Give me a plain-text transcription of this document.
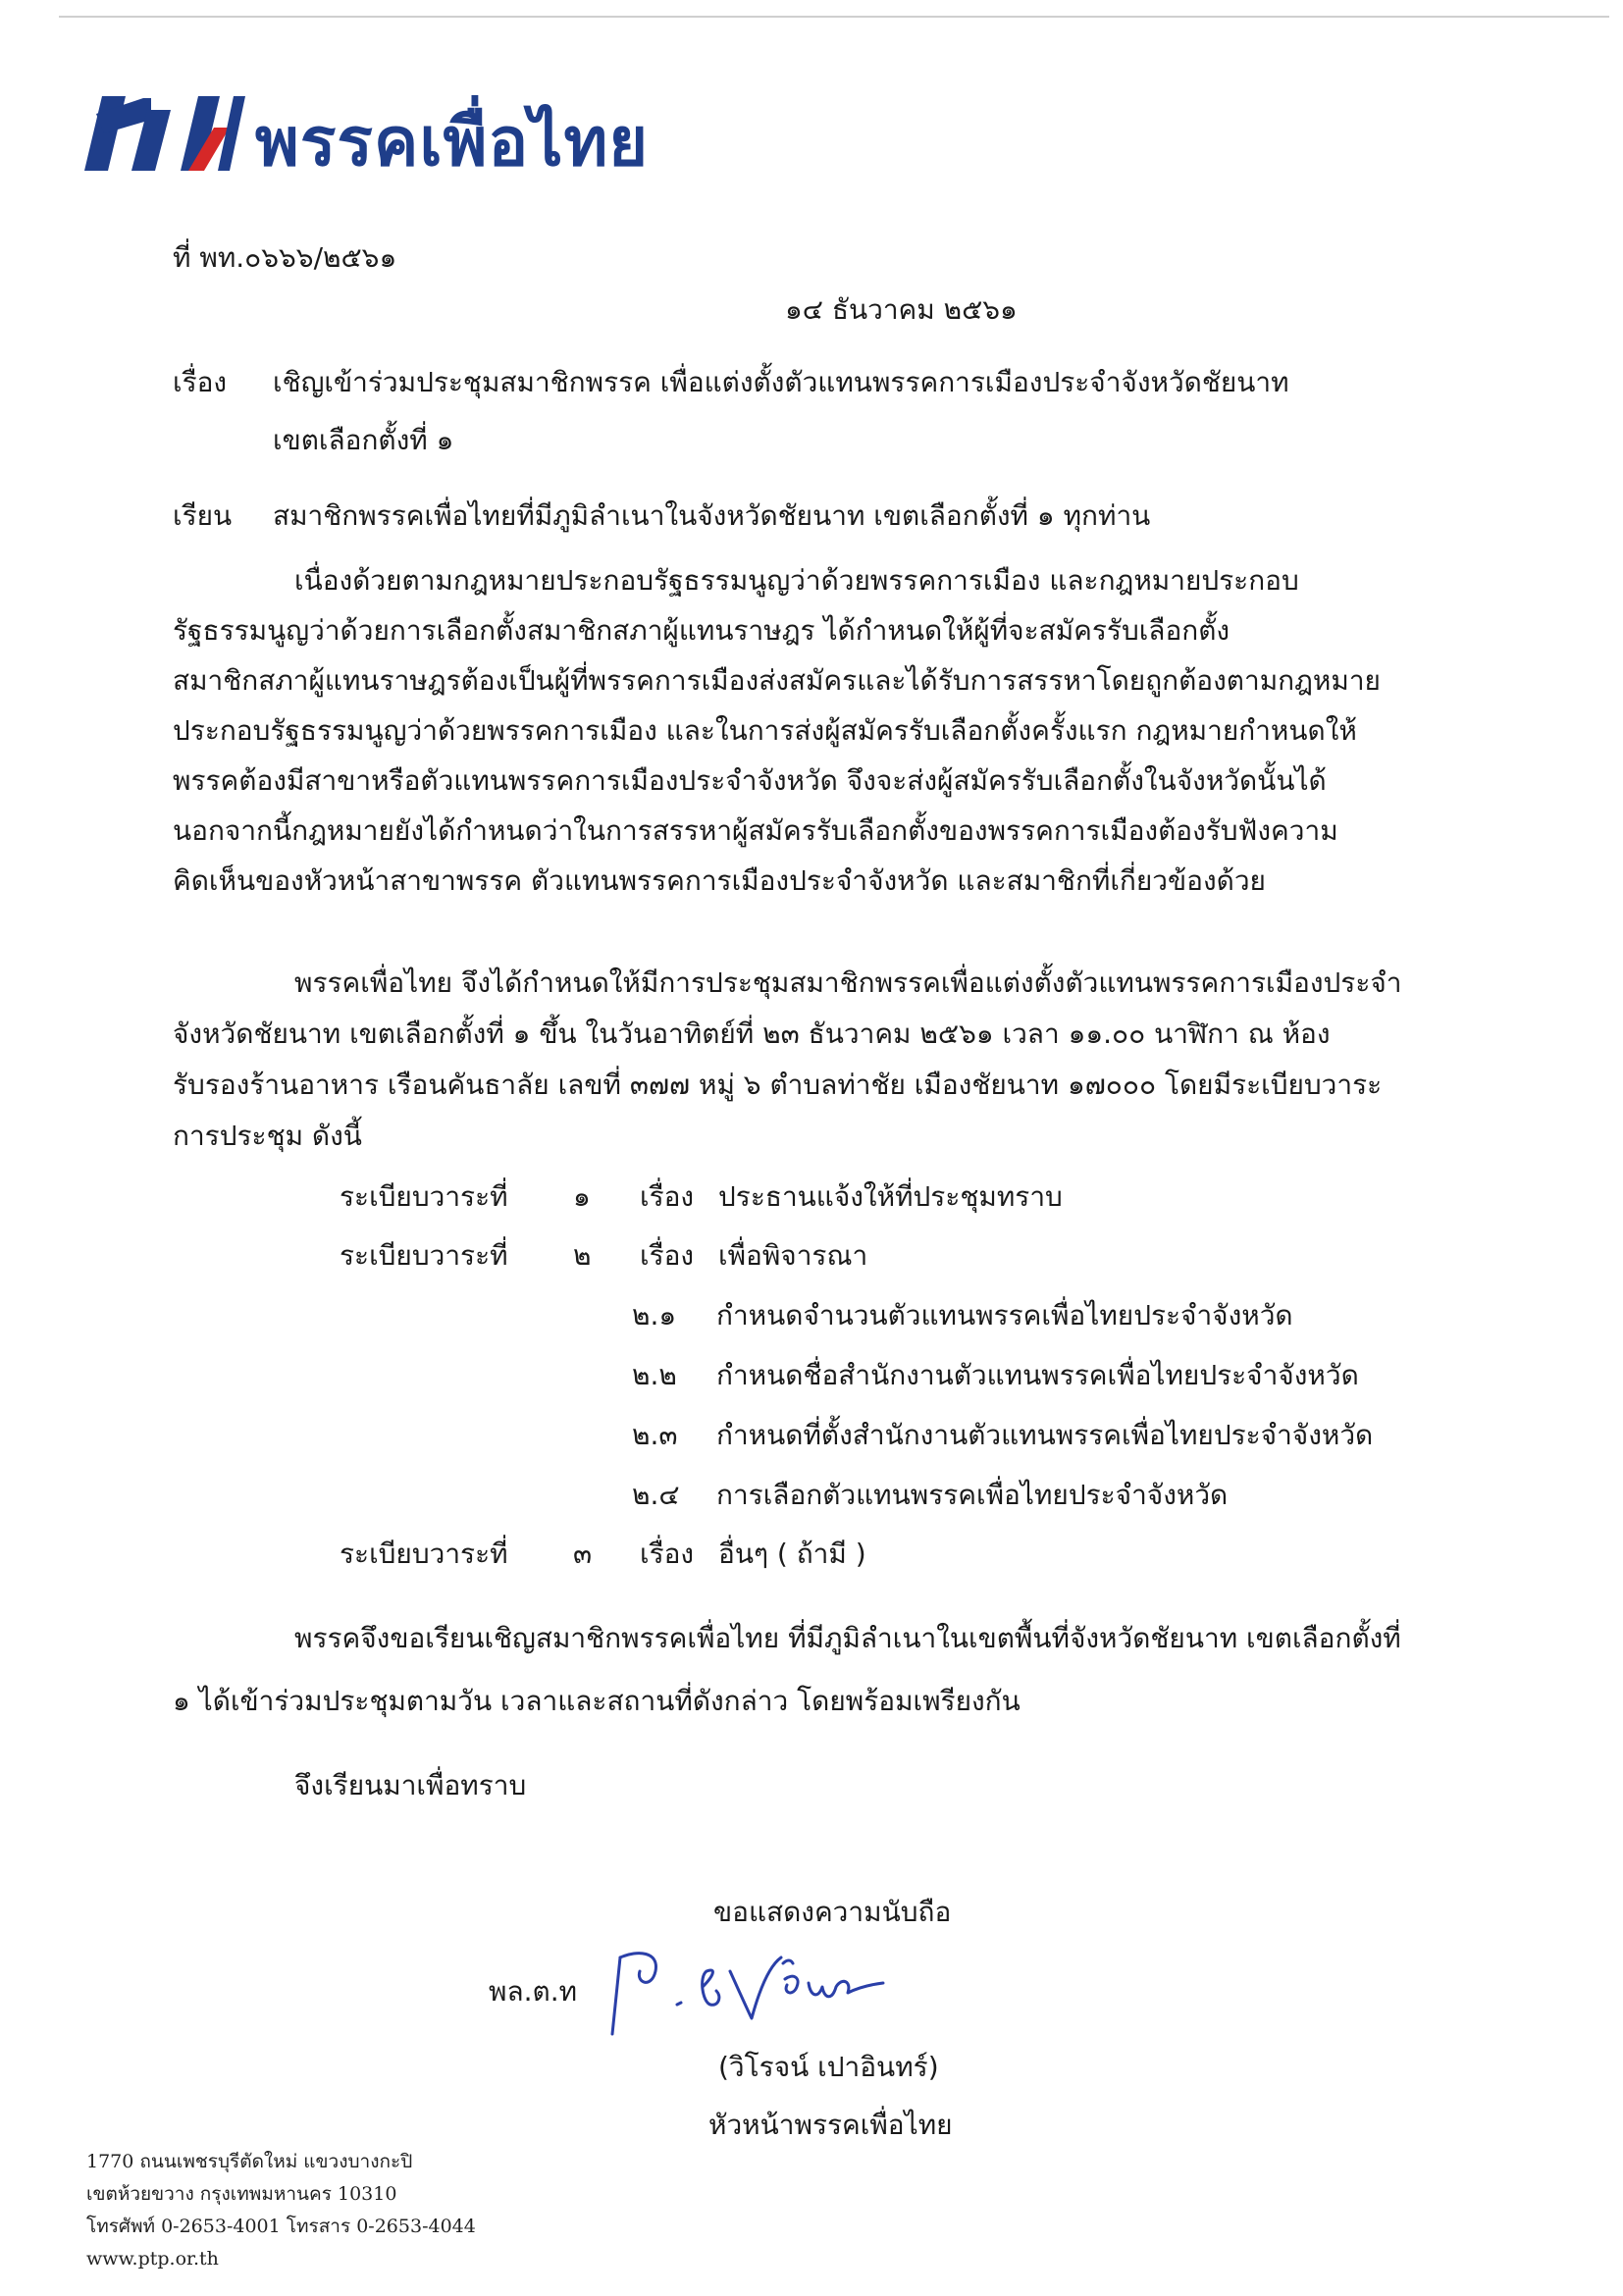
พรรคเพื่อไทย
ที่ พท.๐๖๖๖/๒๕๖๑
๑๔ ธันวาคม ๒๕๖๑
เรื่อง เชิญเข้าร่วมประชุมสมาชิกพรรค เพื่อแต่งตั้งตัวแทนพรรคการเมืองประจำจังหวัดชัยนาท
เขตเลือกตั้งที่ ๑
เรียน สมาชิกพรรคเพื่อไทยที่มีภูมิลำเนาในจังหวัดชัยนาท เขตเลือกตั้งที่ ๑ ทุกท่าน
เนื่องด้วยตามกฎหมายประกอบรัฐธรรมนูญว่าด้วยพรรคการเมือง และกฎหมายประกอบ
รัฐธรรมนูญว่าด้วยการเลือกตั้งสมาชิกสภาผู้แทนราษฎร ได้กำหนดให้ผู้ที่จะสมัครรับเลือกตั้ง
สมาชิกสภาผู้แทนราษฎรต้องเป็นผู้ที่พรรคการเมืองส่งสมัครและได้รับการสรรหาโดยถูกต้องตามกฎหมาย
ประกอบรัฐธรรมนูญว่าด้วยพรรคการเมือง และในการส่งผู้สมัครรับเลือกตั้งครั้งแรก กฎหมายกำหนดให้
พรรคต้องมีสาขาหรือตัวแทนพรรคการเมืองประจำจังหวัด จึงจะส่งผู้สมัครรับเลือกตั้งในจังหวัดนั้นได้
นอกจากนี้กฎหมายยังได้กำหนดว่าในการสรรหาผู้สมัครรับเลือกตั้งของพรรคการเมืองต้องรับฟังความ
คิดเห็นของหัวหน้าสาขาพรรค ตัวแทนพรรคการเมืองประจำจังหวัด และสมาชิกที่เกี่ยวข้องด้วย
พรรคเพื่อไทย จึงได้กำหนดให้มีการประชุมสมาชิกพรรคเพื่อแต่งตั้งตัวแทนพรรคการเมืองประจำ
จังหวัดชัยนาท เขตเลือกตั้งที่ ๑ ขึ้น ในวันอาทิตย์ที่ ๒๓ ธันวาคม ๒๕๖๑ เวลา ๑๑.๐๐ นาฬิกา ณ ห้อง
รับรองร้านอาหาร เรือนคันธาลัย เลขที่ ๓๗๗ หมู่ ๖ ตำบลท่าชัย เมืองชัยนาท ๑๗๐๐๐ โดยมีระเบียบวาระ
การประชุม ดังนี้
ระเบียบวาระที่	๑	เรื่อง ประธานแจ้งให้ที่ประชุมทราบ
ระเบียบวาระที่	๒	เรื่อง เพื่อพิจารณา
๒.๑	กำหนดจำนวนตัวแทนพรรคเพื่อไทยประจำจังหวัด
๒.๒	กำหนดชื่อสำนักงานตัวแทนพรรคเพื่อไทยประจำจังหวัด
๒.๓	กำหนดที่ตั้งสำนักงานตัวแทนพรรคเพื่อไทยประจำจังหวัด
๒.๔	การเลือกตัวแทนพรรคเพื่อไทยประจำจังหวัด
ระเบียบวาระที่	๓	เรื่อง อื่นๆ ( ถ้ามี )
พรรคจึงขอเรียนเชิญสมาชิกพรรคเพื่อไทย ที่มีภูมิลำเนาในเขตพื้นที่จังหวัดชัยนาท เขตเลือกตั้งที่
๑ ได้เข้าร่วมประชุมตามวัน เวลาและสถานที่ดังกล่าว โดยพร้อมเพรียงกัน
จึงเรียนมาเพื่อทราบ
ขอแสดงความนับถือ
พล.ต.ท
(วิโรจน์ เปาอินทร์)
หัวหน้าพรรคเพื่อไทย
1770 ถนนเพชรบุรีตัดใหม่ แขวงบางกะปิ
เขตห้วยขวาง กรุงเทพมหานคร 10310
โทรศัพท์ 0-2653-4001 โทรสาร 0-2653-4044
www.ptp.or.th
